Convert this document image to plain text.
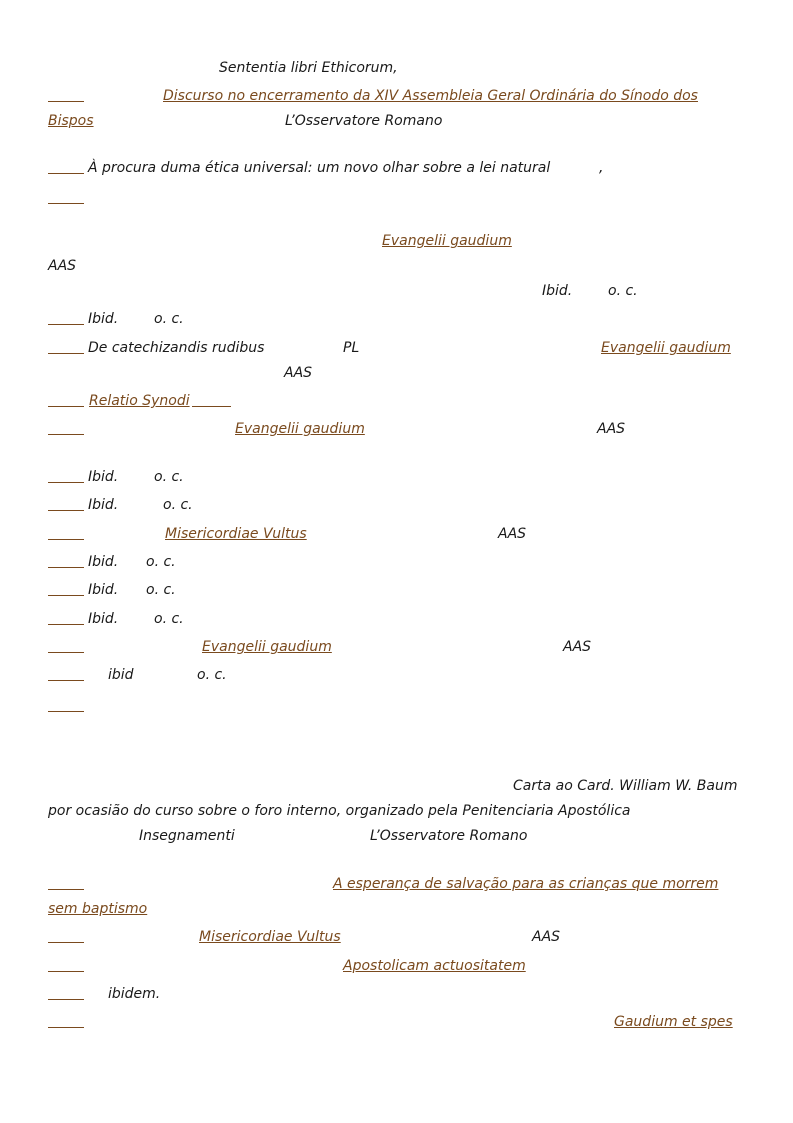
Sententia libri Ethicorum,
Discurso no encerramento da XIV Assembleia Geral Ordinária do Sínodo dos
Bispos	L’Osservatore Romano
À procura duma ética universal: um novo olhar sobre a lei natural	,
Evangelii gaudium
AAS
Ibid.	o. c.
Ibid.	o. c.
De catechizandis rudibus	PL	Evangelii gaudium
AAS
Relatio Synodi
Evangelii gaudium	AAS
Ibid.	o. c.
Ibid.	o. c.
Misericordiae Vultus	AAS
Ibid. o. c.
Ibid. o. c.
Ibid.	o. c.
Evangelii gaudium	AAS
ibid	o. c.
Carta ao Card. William W. Baum
por ocasião do curso sobre o foro interno, organizado pela Penitenciaria Apostólica
Insegnamenti	L’Osservatore Romano
A esperança de salvação para as crianças que morrem
sem baptismo
Misericordiae Vultus	AAS
Apostolicam actuositatem
ibidem.
Gaudium et spes
